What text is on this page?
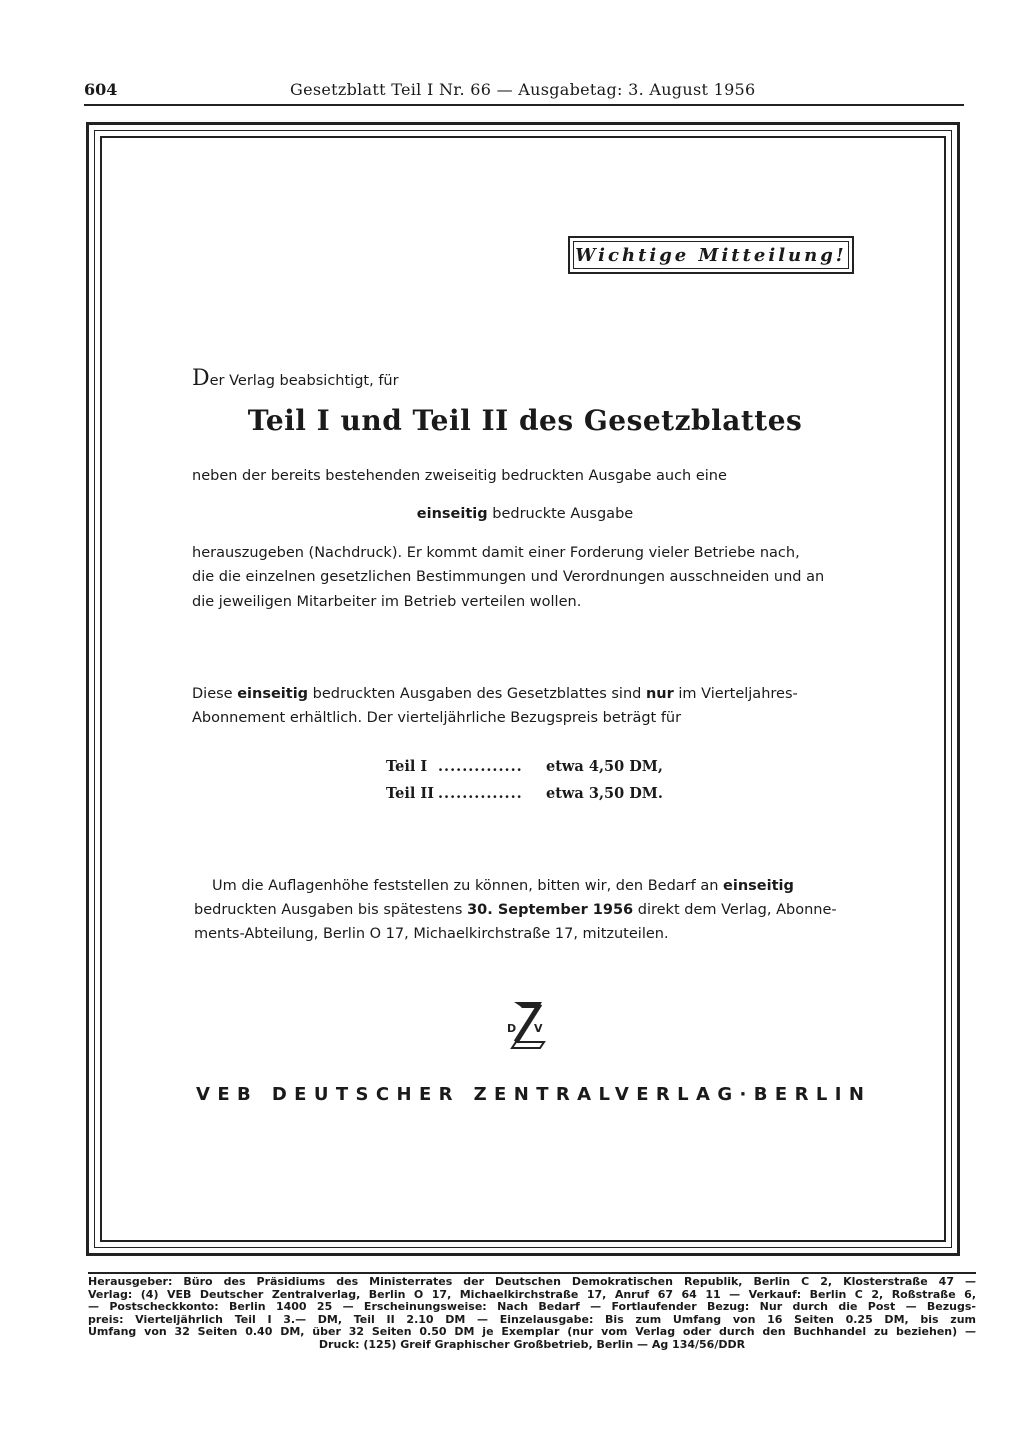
604	Gesetzblatt Teil I Nr. 66 — Ausgabetag: 3. August 1956
Wichtige Mitteilung!
Der Verlag beabsichtigt, für
Teil I und Teil II des Gesetzblattes
neben der bereits bestehenden zweiseitig bedruckten Ausgabe auch eine
einseitig bedruckte Ausgabe
herauszugeben (Nachdruck). Er kommt damit einer Forderung vieler Betriebe nach,
die die einzelnen gesetzlichen Bestimmungen und Verordnungen ausschneiden und an
die jeweiligen Mitarbeiter im Betrieb verteilen wollen.
Diese einseitig bedruckten Ausgaben des Gesetzblattes sind nur im Vierteljahres-
Abonnement erhältlich. Der vierteljährliche Bezugspreis beträgt für
Teil I .............. etwa 4,50 DM,
Teil II .............. etwa 3,50 DM.
Um die Auflagenhöhe feststellen zu können, bitten wir, den Bedarf an einseitig
bedruckten Ausgaben bis spätestens 30. September 1956 direkt dem Verlag, Abonne-
ments-Abteilung, Berlin O 17, Michaelkirchstraße 17, mitzuteilen.
D V
VEB DEUTSCHER ZENTRALVERLAG·BERLIN
Herausgeber: Büro des Präsidiums des Ministerrates der Deutschen Demokratischen Republik, Berlin C 2, Klosterstraße 47 —
Verlag: (4) VEB Deutscher Zentralverlag, Berlin O 17, Michaelkirchstraße 17, Anruf 67 64 11 — Verkauf: Berlin C 2, Roßstraße 6,
— Postscheckkonto: Berlin 1400 25 — Erscheinungsweise: Nach Bedarf — Fortlaufender Bezug: Nur durch die Post — Bezugs-
preis: Vierteljährlich Teil I 3.— DM, Teil II 2.10 DM — Einzelausgabe: Bis zum Umfang von 16 Seiten 0.25 DM, bis zum
Umfang von 32 Seiten 0.40 DM, über 32 Seiten 0.50 DM je Exemplar (nur vom Verlag oder durch den Buchhandel zu beziehen) —
Druck: (125) Greif Graphischer Großbetrieb, Berlin — Ag 134/56/DDR
